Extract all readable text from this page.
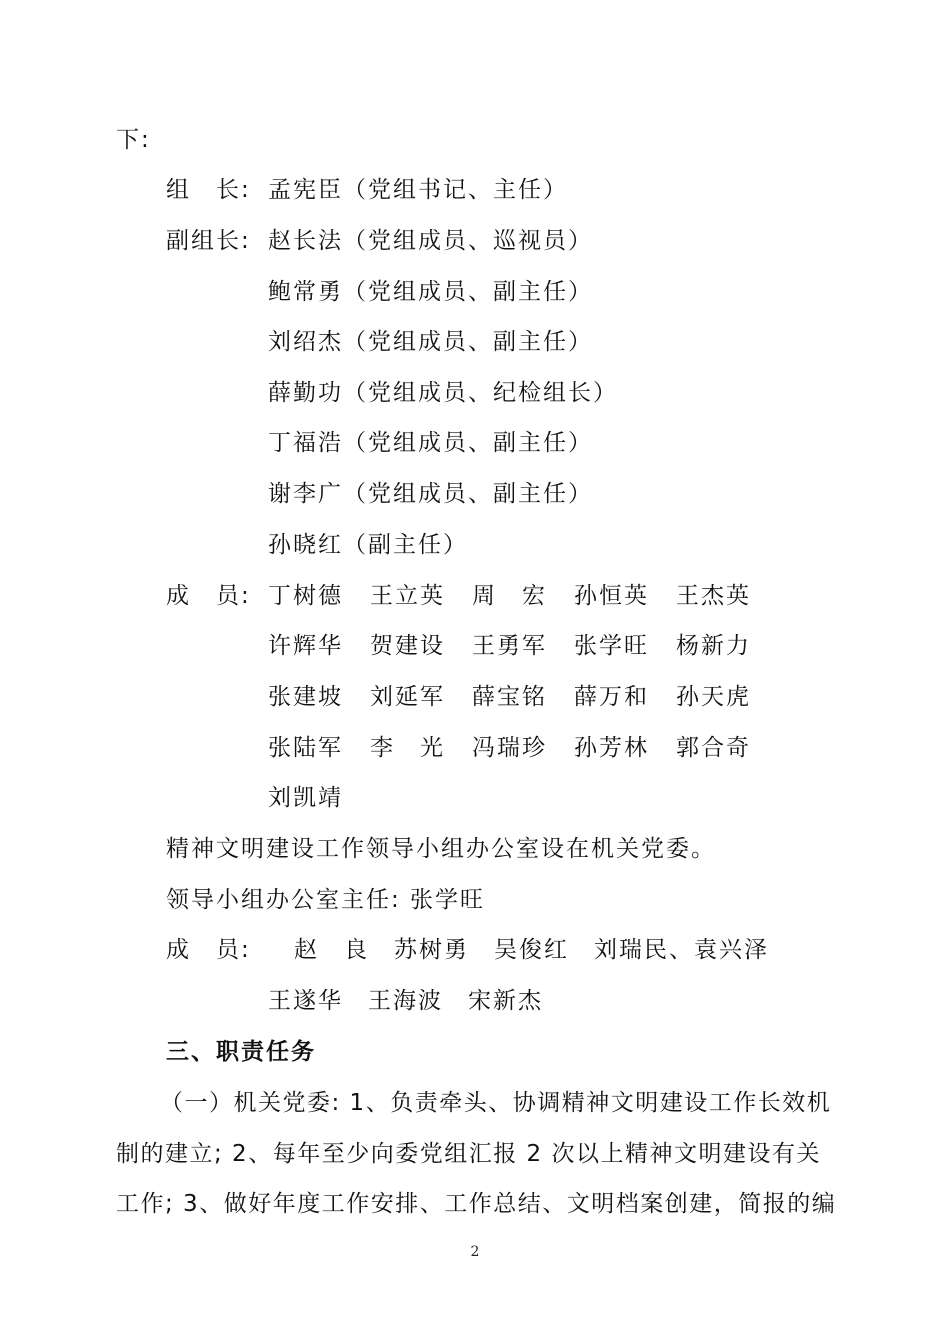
下:
组　长: 孟宪臣（党组书记、主任）
副组长: 赵长法（党组成员、巡视员）
鲍常勇（党组成员、副主任）
刘绍杰（党组成员、副主任）
薛勤功（党组成员、纪检组长）
丁福浩（党组成员、副主任）
谢李广（党组成员、副主任）
孙晓红（副主任）
成　员: 丁树德 王立英 周　宏 孙恒英 王杰英
许辉华 贺建设 王勇军 张学旺 杨新力
张建坡 刘延军 薛宝铭 薛万和 孙天虎
张陆军 李　光 冯瑞珍 孙芳林 郭合奇
刘凯靖
精神文明建设工作领导小组办公室设在机关党委。
领导小组办公室主任: 张学旺
成　员: 赵　良　苏树勇　吴俊红　刘瑞民、袁兴泽
王遂华　王海波　宋新杰
三、职责任务
（一）机关党委: 1、负责牵头、协调精神文明建设工作长效机
制的建立; 2、每年至少向委党组汇报 2 次以上精神文明建设有关
工作; 3、做好年度工作安排、工作总结、文明档案创建，简报的编
2
